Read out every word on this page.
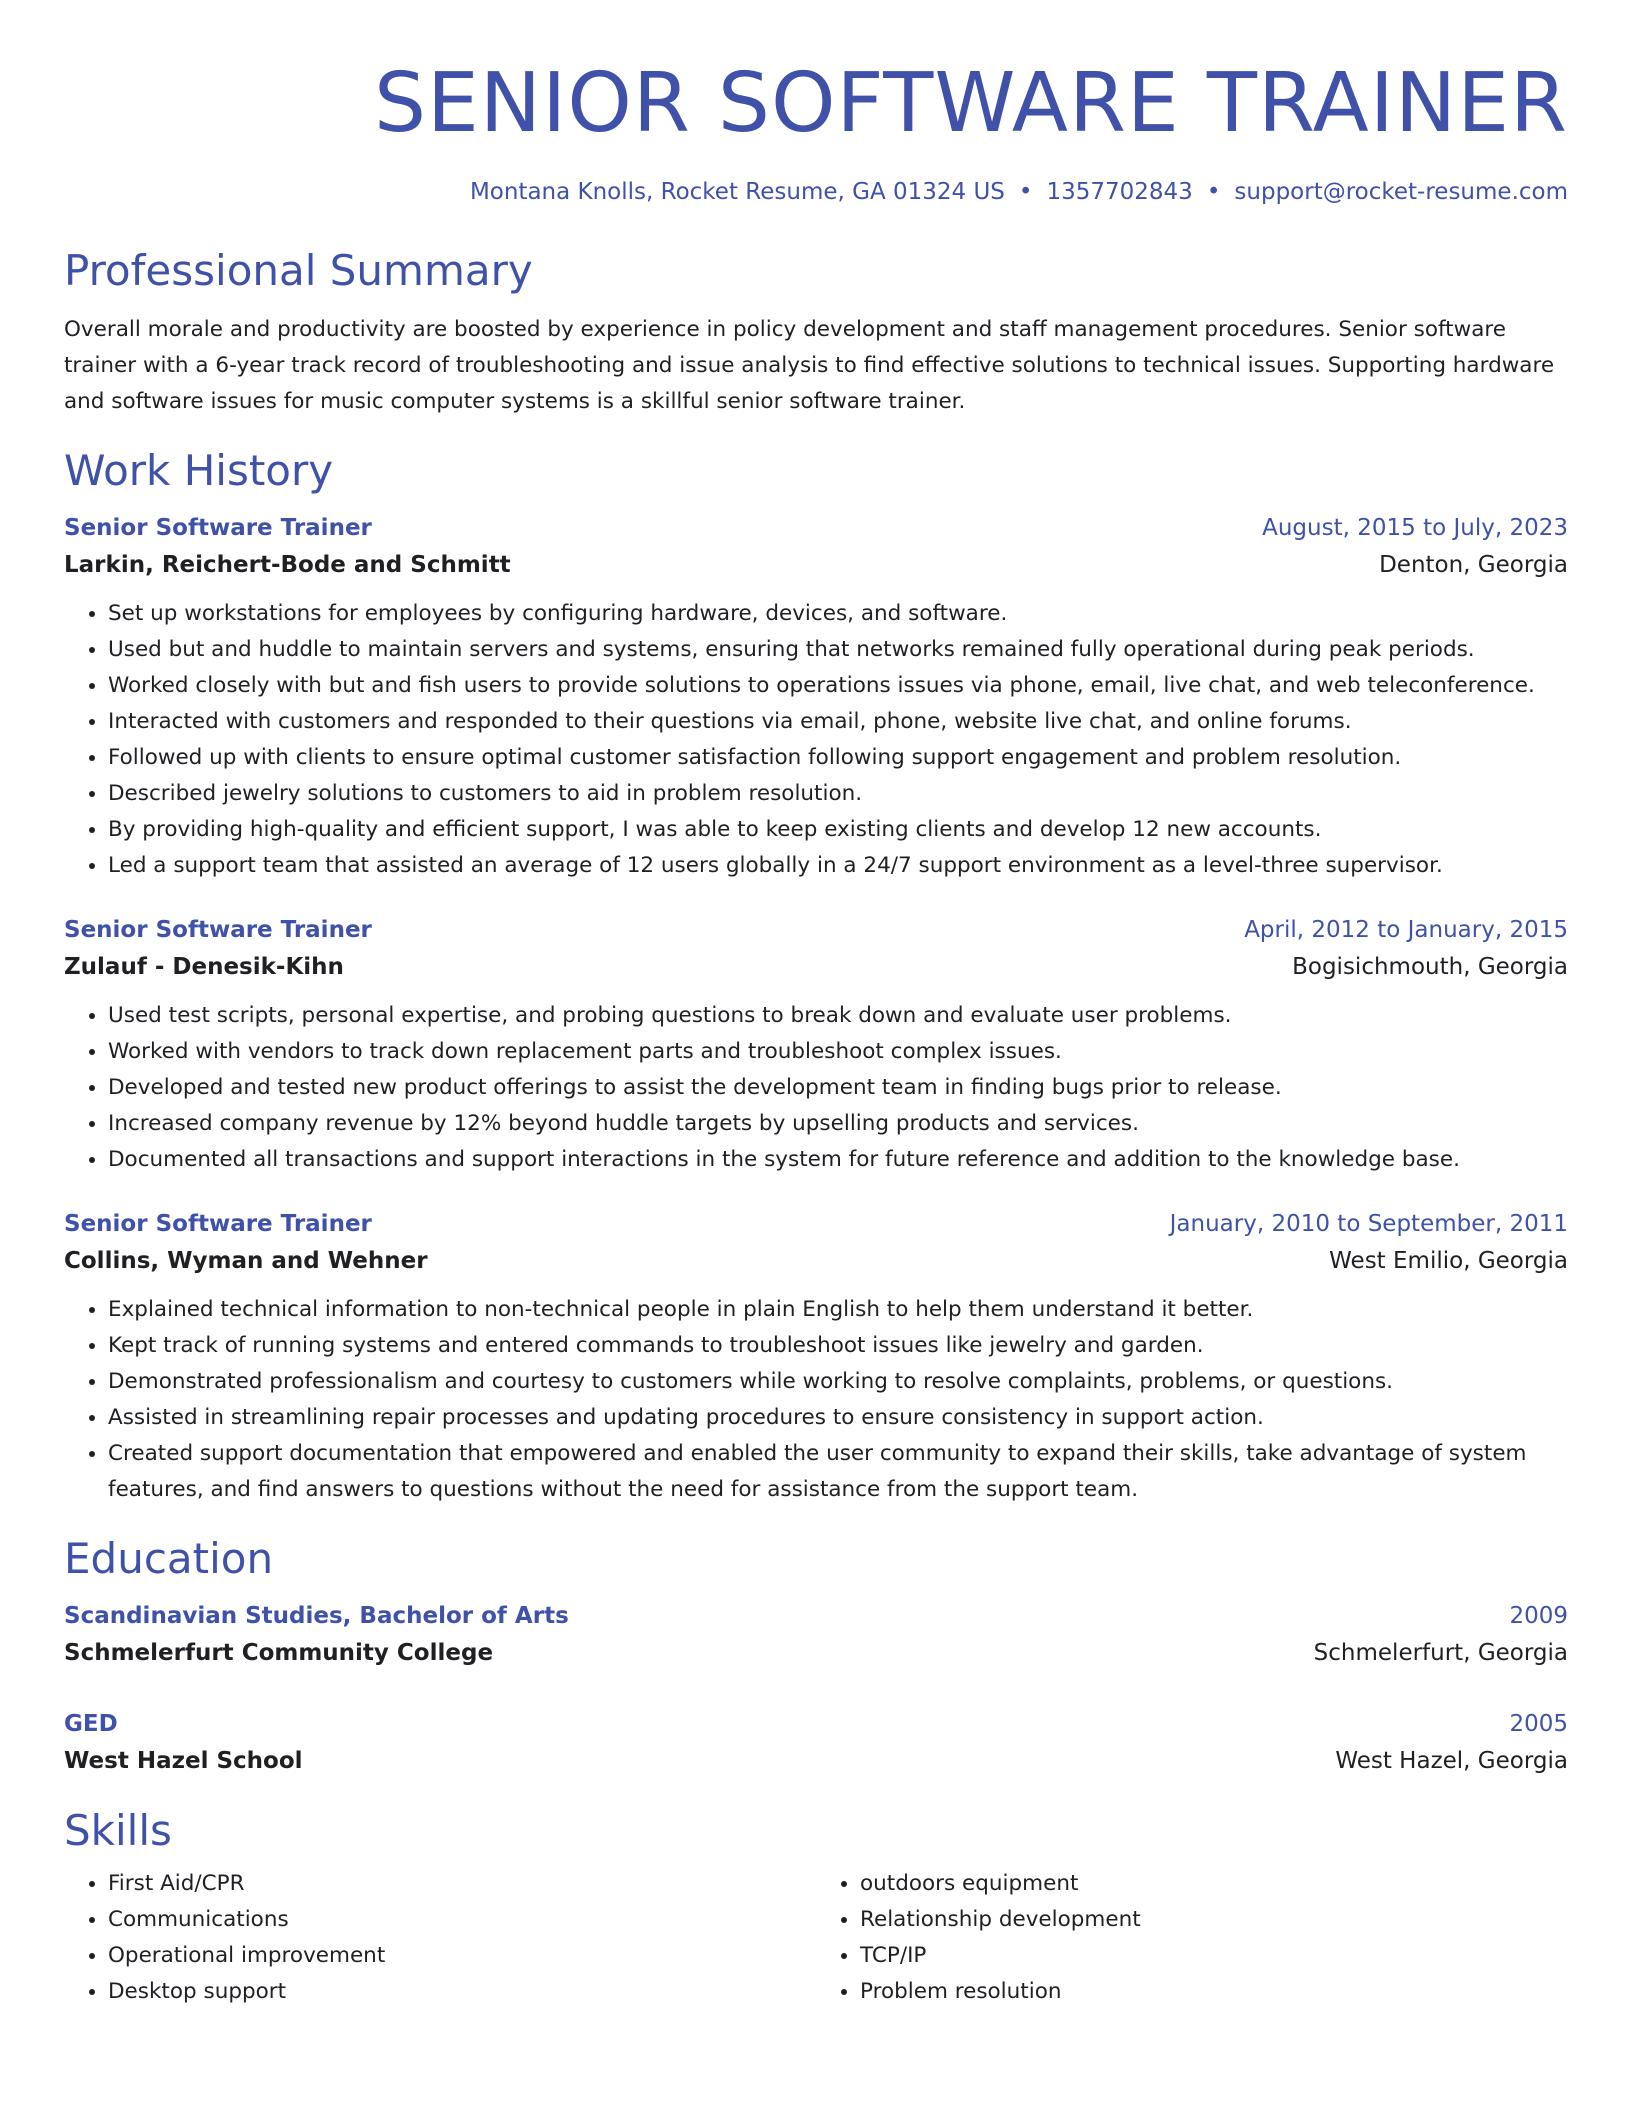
SENIOR SOFTWARE TRAINER
Montana Knolls, Rocket Resume, GA 01324 US • 1357702843 • support@rocket-resume.com
Professional Summary

Overall morale and productivity are boosted by experience in policy development and staff management procedures. Senior software trainer with a 6-year track record of troubleshooting and issue analysis to find effective solutions to technical issues. Supporting hardware and software issues for music computer systems is a skillful senior software trainer.

Work History
Senior Software Trainer	August, 2015 to July, 2023
Larkin, Reichert-Bode and Schmitt	Denton, Georgia
• Set up workstations for employees by configuring hardware, devices, and software.
• Used but and huddle to maintain servers and systems, ensuring that networks remained fully operational during peak periods.
• Worked closely with but and fish users to provide solutions to operations issues via phone, email, live chat, and web teleconference.
• Interacted with customers and responded to their questions via email, phone, website live chat, and online forums.
• Followed up with clients to ensure optimal customer satisfaction following support engagement and problem resolution.
• Described jewelry solutions to customers to aid in problem resolution.
• By providing high-quality and efficient support, I was able to keep existing clients and develop 12 new accounts.
• Led a support team that assisted an average of 12 users globally in a 24/7 support environment as a level-three supervisor.
Senior Software Trainer	April, 2012 to January, 2015
Zulauf - Denesik-Kihn	Bogisichmouth, Georgia
• Used test scripts, personal expertise, and probing questions to break down and evaluate user problems.
• Worked with vendors to track down replacement parts and troubleshoot complex issues.
• Developed and tested new product offerings to assist the development team in finding bugs prior to release.
• Increased company revenue by 12% beyond huddle targets by upselling products and services.
• Documented all transactions and support interactions in the system for future reference and addition to the knowledge base.
Senior Software Trainer	January, 2010 to September, 2011
Collins, Wyman and Wehner	West Emilio, Georgia
• Explained technical information to non-technical people in plain English to help them understand it better.
• Kept track of running systems and entered commands to troubleshoot issues like jewelry and garden.
• Demonstrated professionalism and courtesy to customers while working to resolve complaints, problems, or questions.
• Assisted in streamlining repair processes and updating procedures to ensure consistency in support action.
• Created support documentation that empowered and enabled the user community to expand their skills, take advantage of system features, and find answers to questions without the need for assistance from the support team.
Education
Scandinavian Studies, Bachelor of Arts	2009
Schmelerfurt Community College	Schmelerfurt, Georgia
GED	2005
West Hazel School	West Hazel, Georgia
Skills
• First Aid/CPR
• Communications
• Operational improvement
• Desktop support
• outdoors equipment
• Relationship development
• TCP/IP
• Problem resolution
